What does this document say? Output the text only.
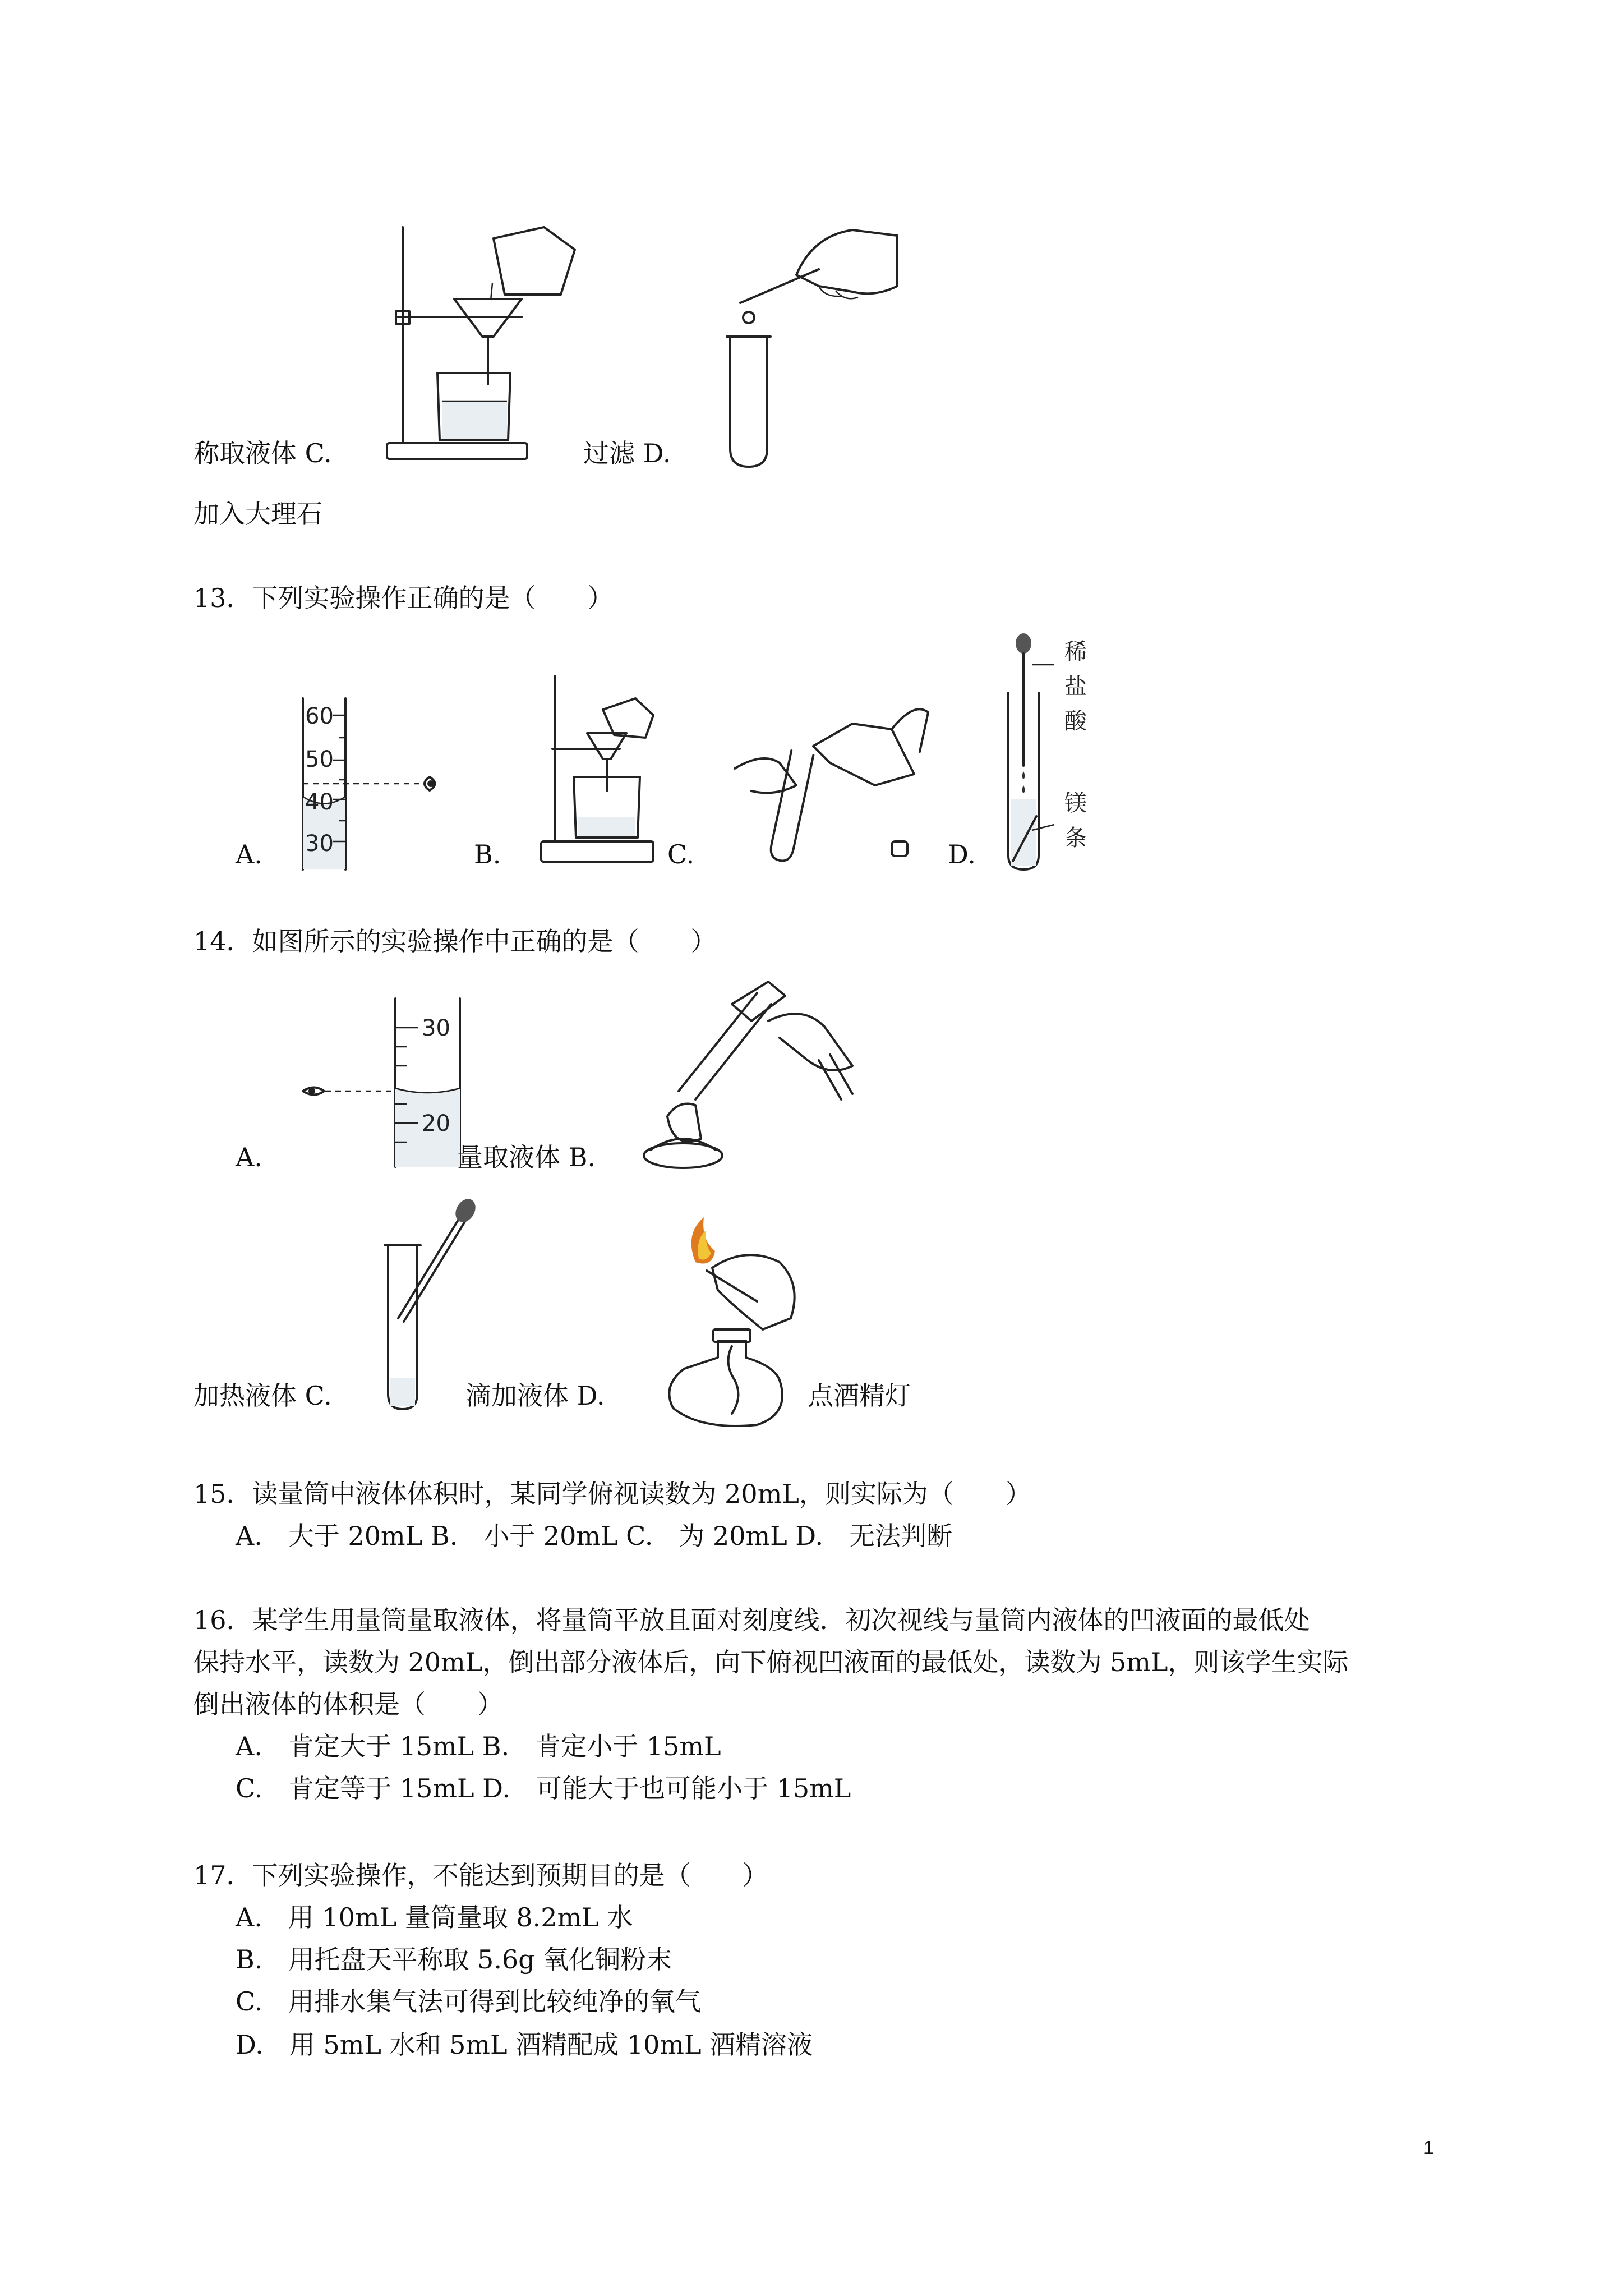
称取液体 C.	过滤 D.
加入大理石
13．下列实验操作正确的是（　　）
A.
60
50
40
30	B.	C.	D.
稀
盐
酸
镁
条
14．如图所示的实验操作中正确的是（　　）
A.
30
20
量取液体 B.
加热液体 C.	滴加液体 D.	点酒精灯
15．读量筒中液体体积时，某同学俯视读数为 20mL，则实际为（　　）
A.　大于 20mL B.　小于 20mL C.　为 20mL D.　无法判断
16．某学生用量筒量取液体，将量筒平放且面对刻度线．初次视线与量筒内液体的凹液面的最低处
保持水平，读数为 20mL，倒出部分液体后，向下俯视凹液面的最低处，读数为 5mL，则该学生实际
倒出液体的体积是（　　）
A.　肯定大于 15mL B.　肯定小于 15mL
C.　肯定等于 15mL D.　可能大于也可能小于 15mL
17．下列实验操作，不能达到预期目的是（　　）
A.　用 10mL 量筒量取 8.2mL 水
B.　用托盘天平称取 5.6g 氧化铜粉末
C.　用排水集气法可得到比较纯净的氧气
D.　用 5mL 水和 5mL 酒精配成 10mL 酒精溶液
1
